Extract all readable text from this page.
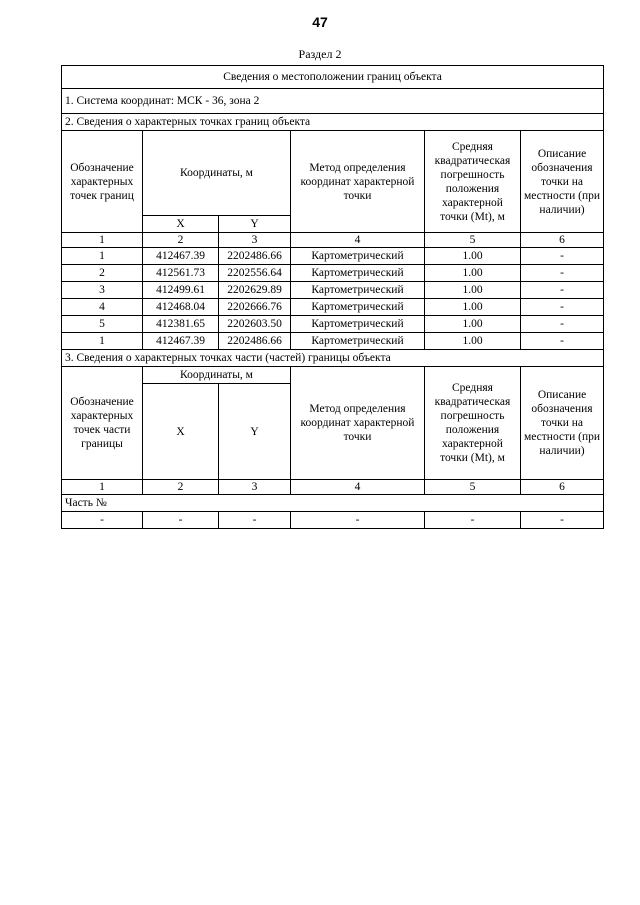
47
Раздел 2
Сведения о местоположении границ объекта					
1. Система координат: МСК - 36, зона 2					
2. Сведения о характерных точках границ объекта					
Обозначение характерных точек границ	Координаты, м		Метод определения координат характерной точки	Средняя квадратическая погрешность положения характерной точки (Mt), м	Описание обозначения точки на местности (при наличии)
	X	Y			
1	2	3	4	5	6
1	412467.39	2202486.66	Картометрический	1.00	-
2	412561.73	2202556.64	Картометрический	1.00	-
3	412499.61	2202629.89	Картометрический	1.00	-
4	412468.04	2202666.76	Картометрический	1.00	-
5	412381.65	2202603.50	Картометрический	1.00	-
1	412467.39	2202486.66	Картометрический	1.00	-
3. Сведения о характерных точках части (частей) границы объекта					
Обозначение характерных точек части границы	Координаты, м		Метод определения координат характерной точки	Средняя квадратическая погрешность положения характерной точки (Mt), м	Описание обозначения точки на местности (при наличии)
	X	Y			
1	2	3	4	5	6
Часть №					
-	-	-	-	-	-
